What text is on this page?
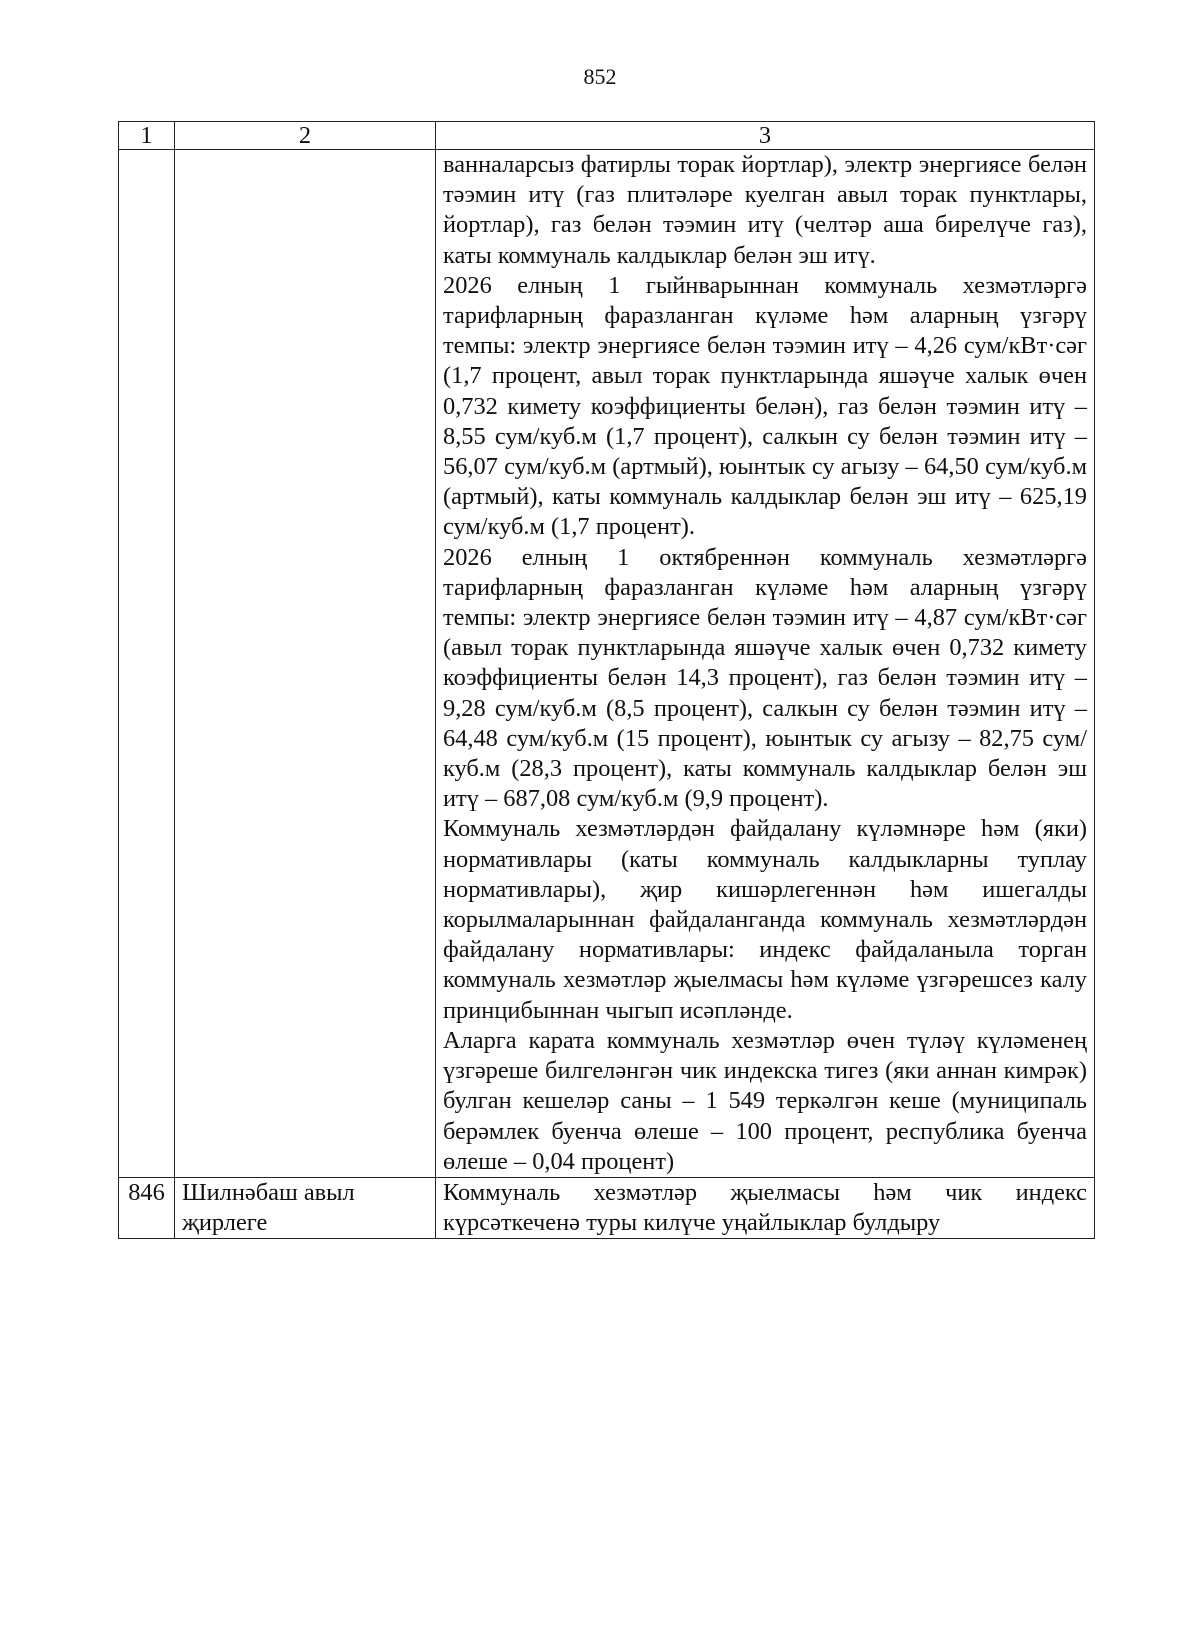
852
1	2	3

		ванналарсыз фатирлы торак йортлар), электр энергиясе белән тәэмин итү (газ плитәләре куелган авыл торак пунктлары, йортлар), газ белән тәэмин итү (челтәр аша бирелүче газ), каты коммуналь калдыклар белән эш итү.

2026 елның 1 гыйнварыннан коммуналь хезмәтләргә тарифларның фаразланган күләме һәм аларның үзгәрү темпы: электр энергиясе белән тәэмин итү – 4,26 сум/кВт·сәг (1,7 процент, авыл торак пунктларында яшәүче халык өчен 0,732 кимету коэффициенты белән), газ белән тәэмин итү – 8,55 сум/куб.м (1,7 процент), салкын су белән тәэмин итү – 56,07 сум/куб.м (артмый), юынтык су агызу – 64,50 сум/куб.м (артмый), каты коммуналь калдыклар белән эш итү – 625,19 сум/куб.м (1,7 процент).

2026 елның 1 октябреннән коммуналь хезмәтләргә тарифларның фаразланган күләме һәм аларның үзгәрү темпы: электр энергиясе белән тәэмин итү – 4,87 сум/кВт·сәг (авыл торак пунктларында яшәүче халык өчен 0,732 кимету коэффициенты белән 14,3 процент), газ белән тәэмин итү – 9,28 сум/куб.м (8,5 процент), салкын су белән тәэмин итү – 64,48 сум/куб.м (15 процент), юынтык су агызу – 82,75 сум/куб.м (28,3 процент), каты коммуналь калдыклар белән эш итү – 687,08 сум/куб.м (9,9 процент).

Коммуналь хезмәтләрдән файдалану күләмнәре һәм (яки) нормативлары (каты коммуналь калдыкларны туплау нормативлары), җир кишәрлегеннән һәм ишегалды корылмаларыннан файдаланганда коммуналь хезмәтләрдән файдалану нормативлары: индекс файдаланыла торган коммуналь хезмәтләр җыелмасы һәм күләме үзгәрешсез калу принцибыннан чыгып исәпләнде.

Аларга карата коммуналь хезмәтләр өчен түләү күләменең үзгәреше билгеләнгән чик индекска тигез (яки аннан кимрәк) булган кешеләр саны – 1 549 теркәлгән кеше (муниципаль берәмлек буенча өлеше – 100 процент, республика буенча өлеше – 0,04 процент)

846	Шилнәбаш авыл җирлеге	Коммуналь хезмәтләр җыелмасы һәм чик индекс күрсәткеченә туры килүче уңайлыклар булдыру
